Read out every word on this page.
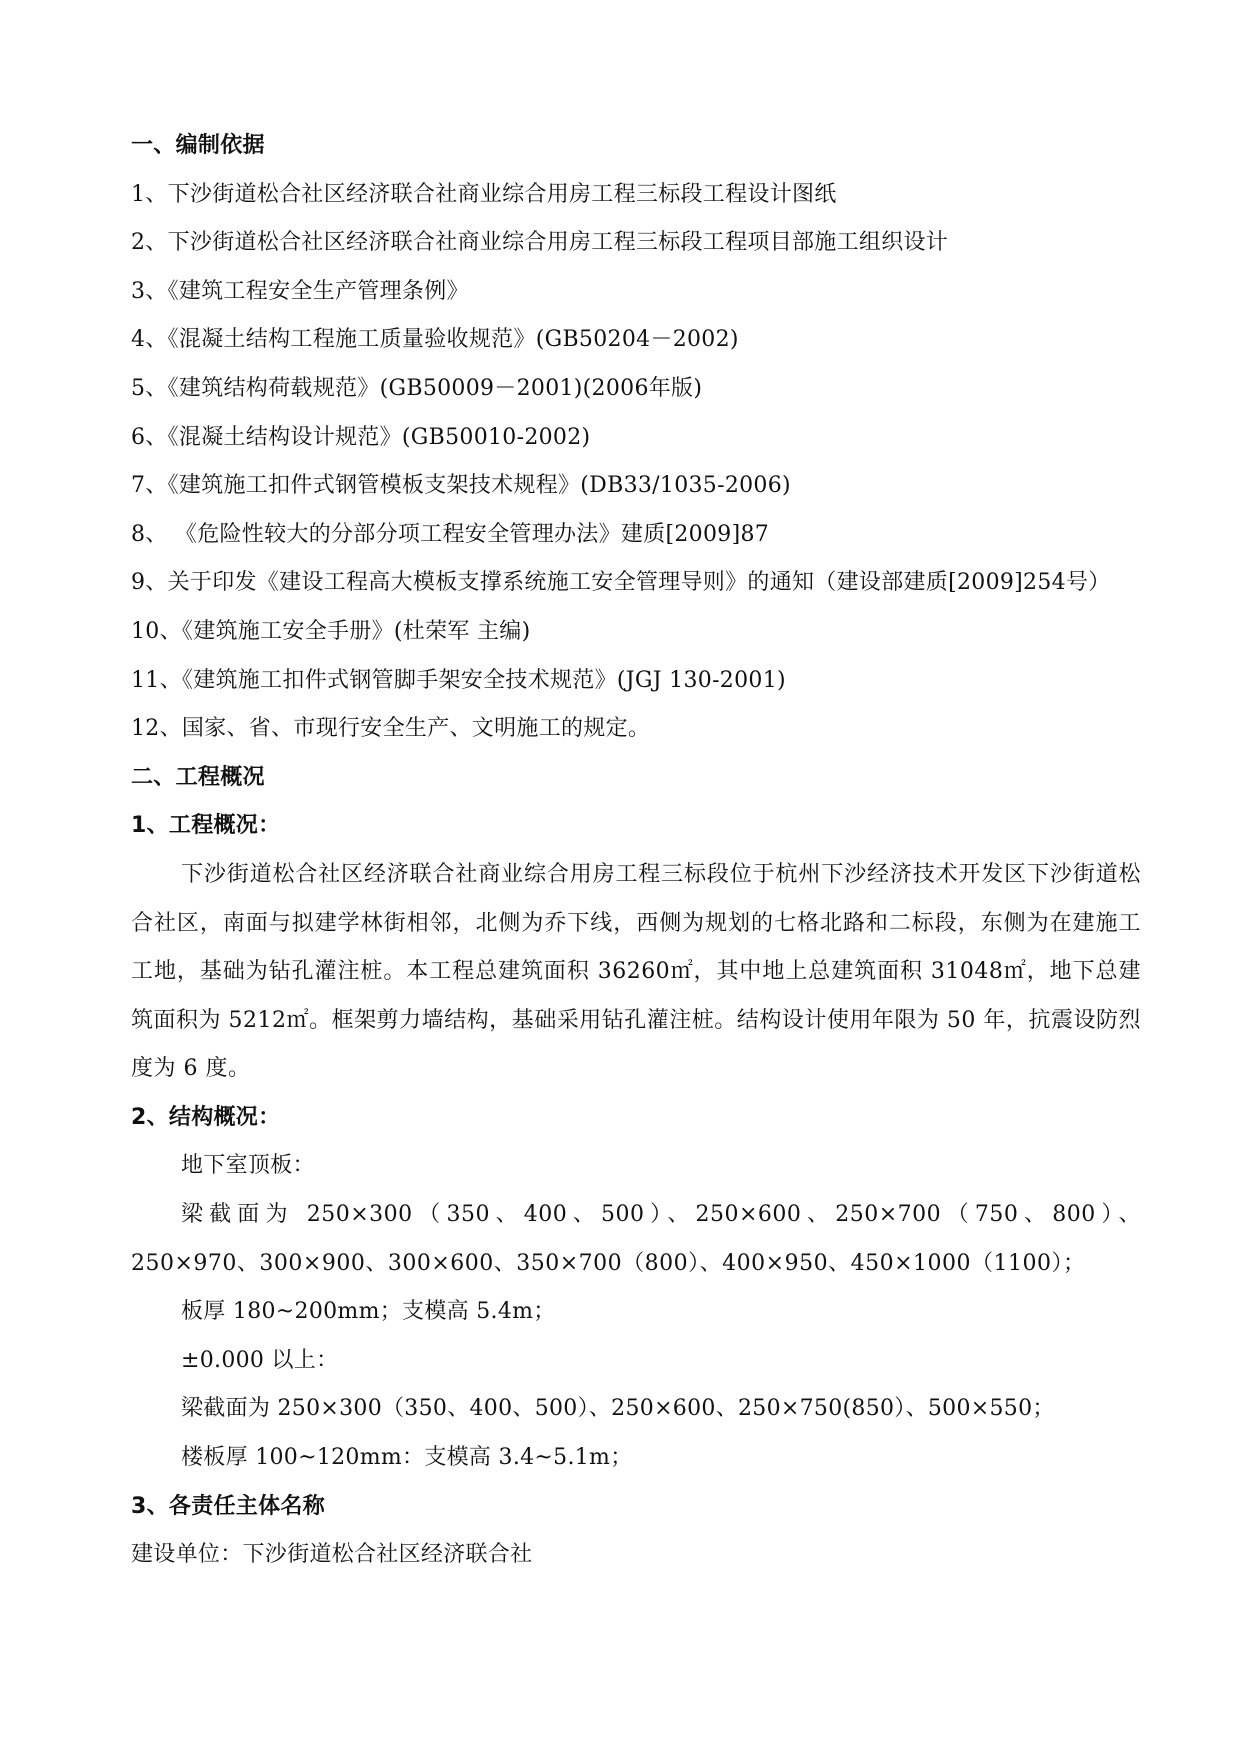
一、编制依据
1、下沙街道松合社区经济联合社商业综合用房工程三标段工程设计图纸
2、下沙街道松合社区经济联合社商业综合用房工程三标段工程项目部施工组织设计
3、《建筑工程安全生产管理条例》
4、《混凝土结构工程施工质量验收规范》(GB50204－2002)
5、《建筑结构荷载规范》(GB50009－2001)(2006年版)
6、《混凝土结构设计规范》(GB50010-2002)
7、《建筑施工扣件式钢管模板支架技术规程》(DB33/1035-2006)
8、 《危险性较大的分部分项工程安全管理办法》建质[2009]87

9、关于印发《建设工程高大模板支撑系统施工安全管理导则》的通知（建设部建质[2009]254号）

10、《建筑施工安全手册》(杜荣军 主编)
11、《建筑施工扣件式钢管脚手架安全技术规范》(JGJ 130-2001)
12、国家、省、市现行安全生产、文明施工的规定。
二、工程概况
1、工程概况：

下沙街道松合社区经济联合社商业综合用房工程三标段位于杭州下沙经济技术开发区下沙街道松合社区，南面与拟建学林街相邻，北侧为乔下线，西侧为规划的七格北路和二标段，东侧为在建施工工地，基础为钻孔灌注桩。本工程总建筑面积 36260㎡，其中地上总建筑面积 31048㎡，地下总建筑面积为 5212㎡。框架剪力墙结构，基础采用钻孔灌注桩。结构设计使用年限为 50 年，抗震设防烈度为 6 度。

2、结构概况：
地下室顶板：

梁截面为 250×300（350、400、500）、250×600、250×700（750、800）、250×970、300×900、300×600、350×700（800）、400×950、450×1000（1100）；

板厚 180~200mm；支模高 5.4m；
±0.000 以上：
梁截面为 250×300（350、400、500）、250×600、250×750(850）、500×550；
楼板厚 100~120mm：支模高 3.4~5.1m；
3、各责任主体名称
建设单位：下沙街道松合社区经济联合社
